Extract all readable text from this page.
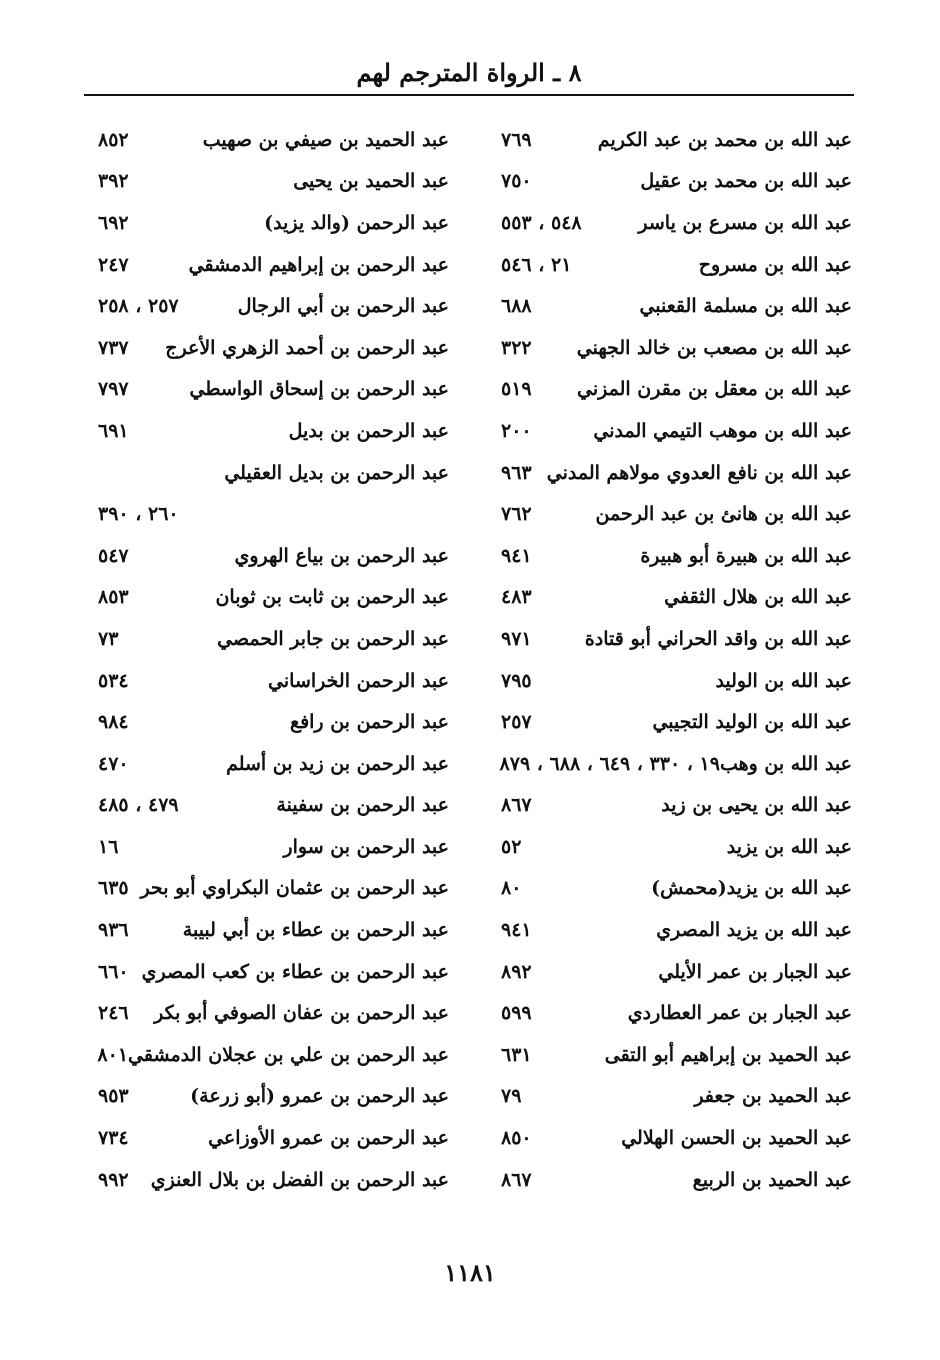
٨ ـ الرواة المترجم لهم
عبد الله بن محمد بن عبد الكريم
٧٦٩
عبد الله بن محمد بن عقيل
٧٥٠
عبد الله بن مسرع بن ياسر
٥٤٨ ، ٥٥٣
عبد الله بن مسروح
٢١ ، ٥٤٦
عبد الله بن مسلمة القعنبي
٦٨٨
عبد الله بن مصعب بن خالد الجهني
٣٢٢
عبد الله بن معقل بن مقرن المزني
٥١٩
عبد الله بن موهب التيمي المدني
٢٠٠
عبد الله بن نافع العدوي مولاهم المدني
٩٦٣
عبد الله بن هانئ بن عبد الرحمن
٧٦٢
عبد الله بن هبيرة أبو هبيرة
٩٤١
عبد الله بن هلال الثقفي
٤٨٣
عبد الله بن واقد الحراني أبو قتادة
٩٧١
عبد الله بن الوليد
٧٩٥
عبد الله بن الوليد التجيبي
٢٥٧
عبد الله بن وهب
١٩ ، ٣٣٠ ، ٦٤٩ ، ٦٨٨ ، ٨٧٩
عبد الله بن يحيى بن زيد
٨٦٧
عبد الله بن يزيد
٥٢
عبد الله بن يزيد(محمش)
٨٠
عبد الله بن يزيد المصري
٩٤١
عبد الجبار بن عمر الأيلي
٨٩٢
عبد الجبار بن عمر العطاردي
٥٩٩
عبد الحميد بن إبراهيم أبو التقى
٦٣١
عبد الحميد بن جعفر
٧٩
عبد الحميد بن الحسن الهلالي
٨٥٠
عبد الحميد بن الربيع
٨٦٧
عبد الحميد بن صيفي بن صهيب
٨٥٢
عبد الحميد بن يحيى
٣٩٢
عبد الرحمن (والد يزيد)
٦٩٢
عبد الرحمن بن إبراهيم الدمشقي
٢٤٧
عبد الرحمن بن أبي الرجال
٢٥٧ ، ٢٥٨
عبد الرحمن بن أحمد الزهري الأعرج
٧٣٧
عبد الرحمن بن إسحاق الواسطي
٧٩٧
عبد الرحمن بن بديل
٦٩١
عبد الرحمن بن بديل العقيلي
٢٦٠ ، ٣٩٠
عبد الرحمن بن بياع الهروي
٥٤٧
عبد الرحمن بن ثابت بن ثوبان
٨٥٣
عبد الرحمن بن جابر الحمصي
٧٣
عبد الرحمن الخراساني
٥٣٤
عبد الرحمن بن رافع
٩٨٤
عبد الرحمن بن زيد بن أسلم
٤٧٠
عبد الرحمن بن سفينة
٤٧٩ ، ٤٨٥
عبد الرحمن بن سوار
١٦
عبد الرحمن بن عثمان البكراوي أبو بحر
٦٣٥
عبد الرحمن بن عطاء بن أبي لبيبة
٩٣٦
عبد الرحمن بن عطاء بن كعب المصري
٦٦٠
عبد الرحمن بن عفان الصوفي أبو بكر
٢٤٦
عبد الرحمن بن علي بن عجلان الدمشقي
٨٠١
عبد الرحمن بن عمرو (أبو زرعة)
٩٥٣
عبد الرحمن بن عمرو الأوزاعي
٧٣٤
عبد الرحمن بن الفضل بن بلال العنزي
٩٩٢
١١٨١
